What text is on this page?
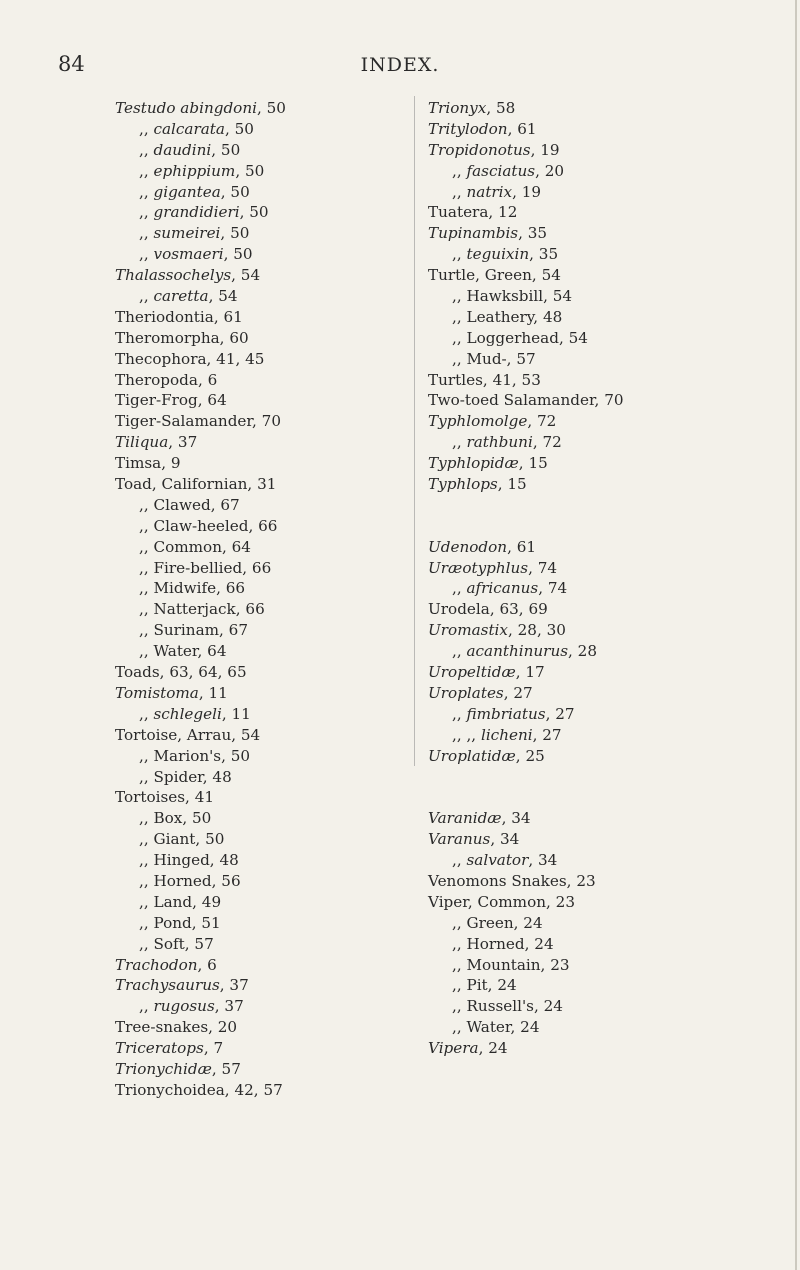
84	INDEX.
Testudo abingdoni, 50
,, calcarata, 50
,, daudini, 50
,, ephippium, 50
,, gigantea, 50
,, grandidieri, 50
,, sumeirei, 50
,, vosmaeri, 50
Thalassochelys, 54
,, caretta, 54
Theriodontia, 61
Theromorpha, 60
Thecophora, 41, 45
Theropoda, 6
Tiger-Frog, 64
Tiger-Salamander, 70
Tiliqua, 37
Timsa, 9
Toad, Californian, 31
,, Clawed, 67
,, Claw-heeled, 66
,, Common, 64
,, Fire-bellied, 66
,, Midwife, 66
,, Natterjack, 66
,, Surinam, 67
,, Water, 64
Toads, 63, 64, 65
Tomistoma, 11
,, schlegeli, 11
Tortoise, Arrau, 54
,, Marion's, 50
,, Spider, 48
Tortoises, 41
,, Box, 50
,, Giant, 50
,, Hinged, 48
,, Horned, 56
,, Land, 49
,, Pond, 51
,, Soft, 57
Trachodon, 6
Trachysaurus, 37
,, rugosus, 37
Tree-snakes, 20
Triceratops, 7
Trionychidæ, 57
Trionychoidea, 42, 57
Trionyx, 58
Tritylodon, 61
Tropidonotus, 19
,, fasciatus, 20
,, natrix, 19
Tuatera, 12
Tupinambis, 35
,, teguixin, 35
Turtle, Green, 54
,, Hawksbill, 54
,, Leathery, 48
,, Loggerhead, 54
,, Mud-, 57
Turtles, 41, 53
Two-toed Salamander, 70
Typhlomolge, 72
,, rathbuni, 72
Typhlopidæ, 15
Typhlops, 15
Udenodon, 61
Uræotyphlus, 74
,, africanus, 74
Urodela, 63, 69
Uromastix, 28, 30
,, acanthinurus, 28
Uropeltidæ, 17
Uroplates, 27
,, fimbriatus, 27
,, ,, licheni, 27
Uroplatidæ, 25
Varanidæ, 34
Varanus, 34
,, salvator, 34
Venomons Snakes, 23
Viper, Common, 23
,, Green, 24
,, Horned, 24
,, Mountain, 23
,, Pit, 24
,, Russell's, 24
,, Water, 24
Vipera, 24
